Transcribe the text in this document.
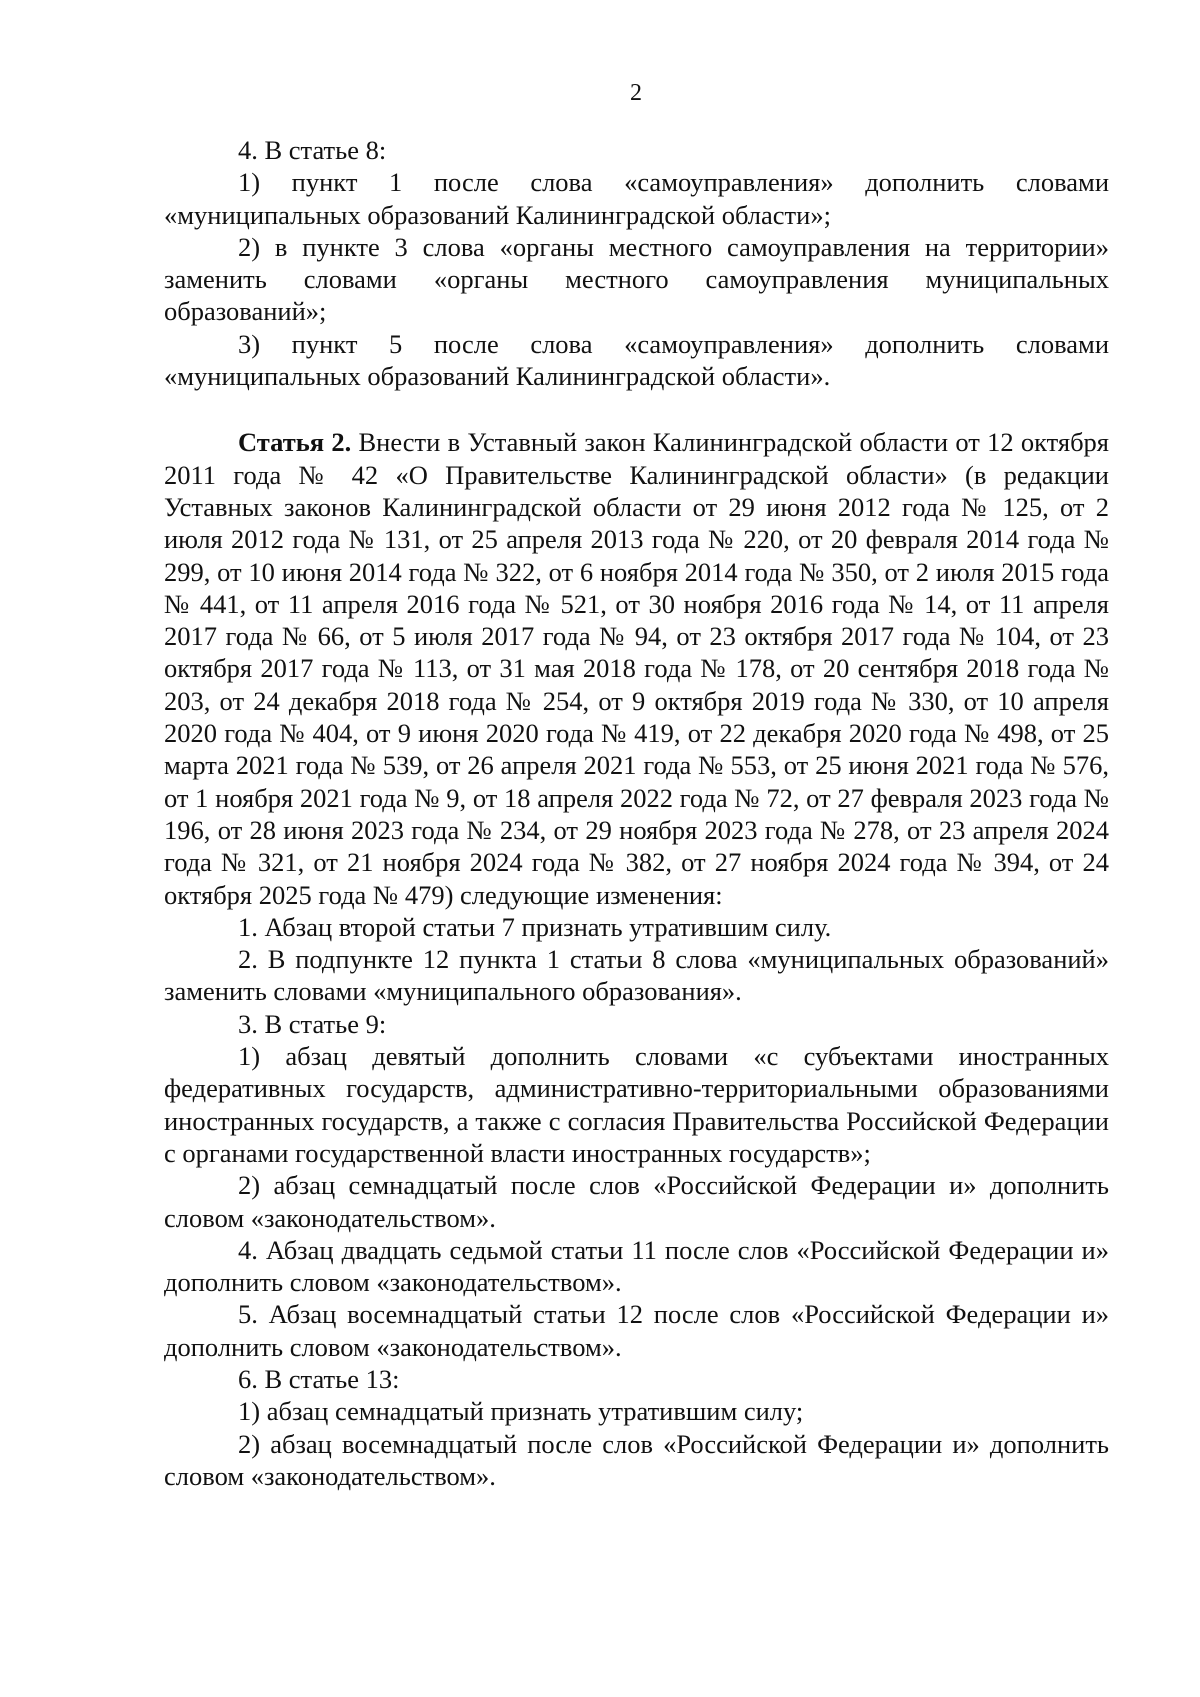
2

4. В статье 8:

1) пункт 1 после слова «самоуправления» дополнить словами «муниципальных образований Калининградской области»;

2) в пункте 3 слова «органы местного самоуправления на территории» заменить словами «органы местного самоуправления муниципальных образований»;

3) пункт 5 после слова «самоуправления» дополнить словами «муниципальных образований Калининградской области».

Статья 2. Внести в Уставный закон Калининградской области от 12 октября 2011 года № 42 «О Правительстве Калининградской области» (в редакции Уставных законов Калининградской области от 29 июня 2012 года № 125, от 2 июля 2012 года № 131, от 25 апреля 2013 года № 220, от 20 февраля 2014 года № 299, от 10 июня 2014 года № 322, от 6 ноября 2014 года № 350, от 2 июля 2015 года № 441, от 11 апреля 2016 года № 521, от 30 ноября 2016 года № 14, от 11 апреля 2017 года № 66, от 5 июля 2017 года № 94, от 23 октября 2017 года № 104, от 23 октября 2017 года № 113, от 31 мая 2018 года № 178, от 20 сентября 2018 года № 203, от 24 декабря 2018 года № 254, от 9 октября 2019 года № 330, от 10 апреля 2020 года № 404, от 9 июня 2020 года № 419, от 22 декабря 2020 года № 498, от 25 марта 2021 года № 539, от 26 апреля 2021 года № 553, от 25 июня 2021 года № 576, от 1 ноября 2021 года № 9, от 18 апреля 2022 года № 72, от 27 февраля 2023 года № 196, от 28 июня 2023 года № 234, от 29 ноября 2023 года № 278, от 23 апреля 2024 года № 321, от 21 ноября 2024 года № 382, от 27 ноября 2024 года № 394, от 24 октября 2025 года № 479) следующие изменения:

1. Абзац второй статьи 7 признать утратившим силу.

2. В подпункте 12 пункта 1 статьи 8 слова «муниципальных образований» заменить словами «муниципального образования».

3. В статье 9:

1) абзац девятый дополнить словами «с субъектами иностранных федеративных государств, административно-территориальными образованиями иностранных государств, а также с согласия Правительства Российской Федерации с органами государственной власти иностранных государств»;

2) абзац семнадцатый после слов «Российской Федерации и» дополнить словом «законодательством».

4. Абзац двадцать седьмой статьи 11 после слов «Российской Федерации и» дополнить словом «законодательством».

5. Абзац восемнадцатый статьи 12 после слов «Российской Федерации и» дополнить словом «законодательством».

6. В статье 13:

1) абзац семнадцатый признать утратившим силу;

2) абзац восемнадцатый после слов «Российской Федерации и» дополнить словом «законодательством».
